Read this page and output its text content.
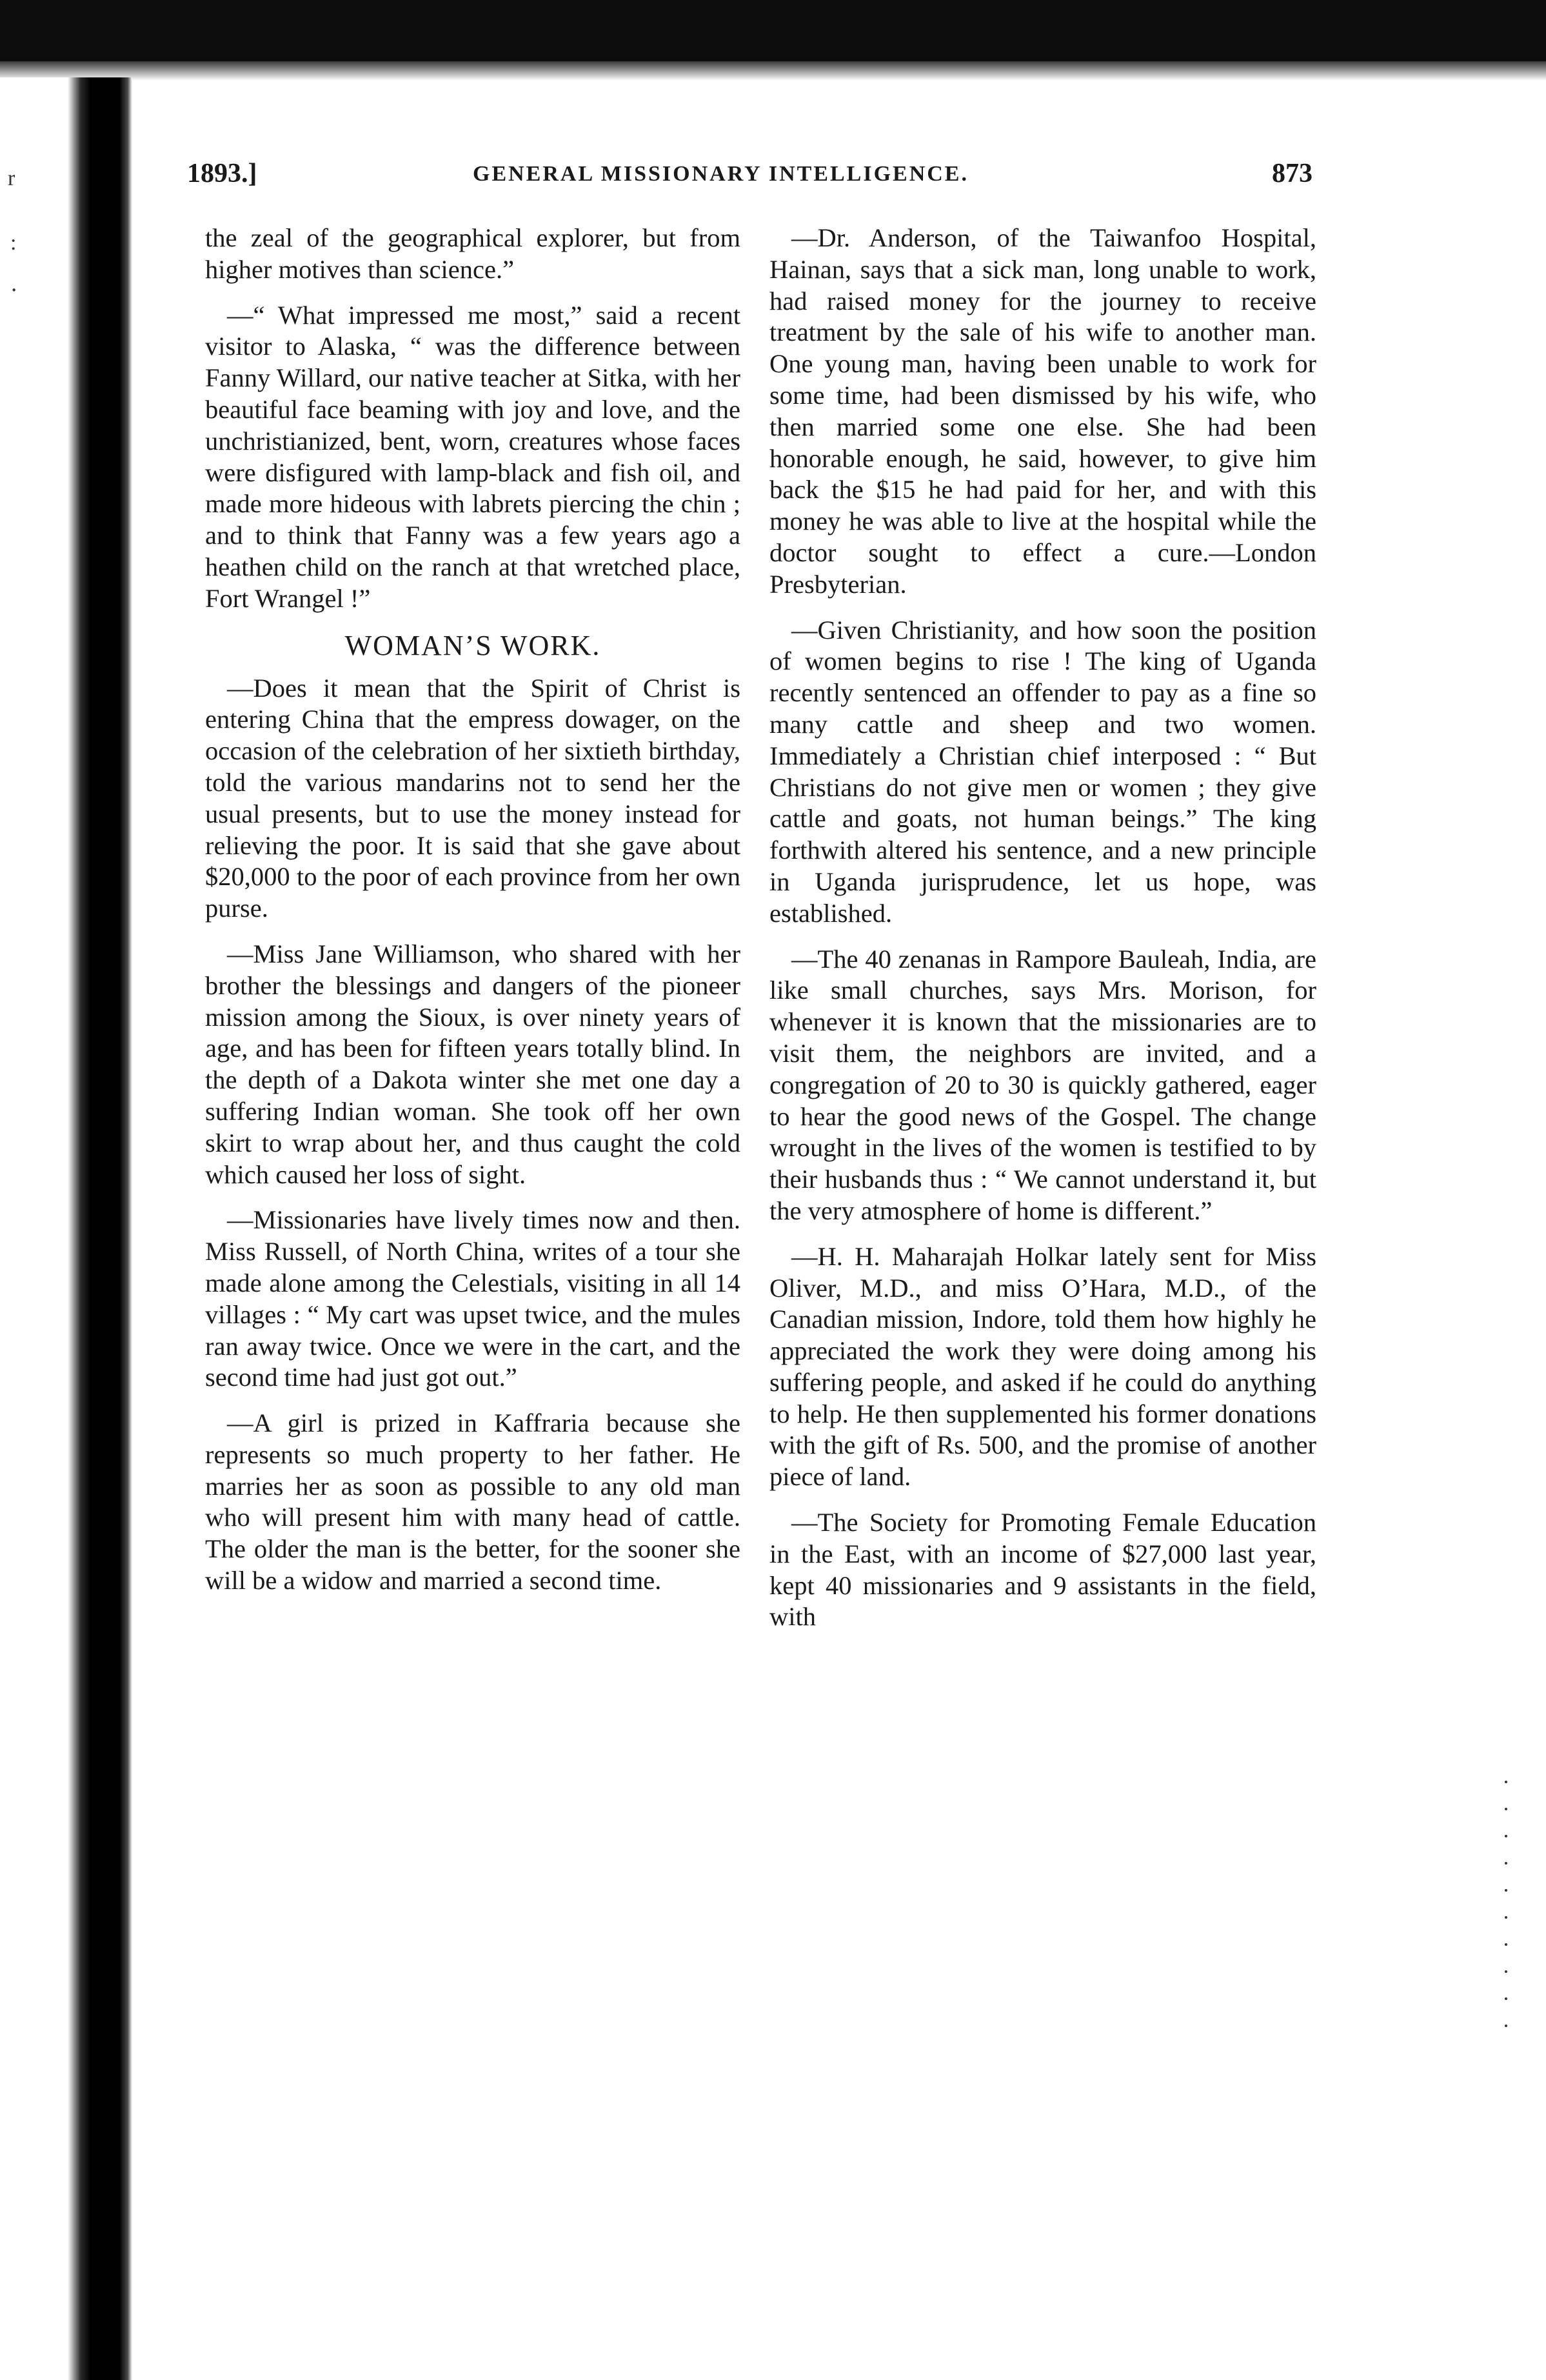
r
:
․
1893.]	GENERAL MISSIONARY INTELLIGENCE.	873

the zeal of the geographical explorer, but from higher motives than science.”

—“ What impressed me most,” said a recent visitor to Alaska, “ was the difference between Fanny Willard, our native teacher at Sitka, with her beautiful face beaming with joy and love, and the unchristianized, bent, worn, creatures whose faces were disfigured with lamp-black and fish oil, and made more hideous with labrets piercing the chin ; and to think that Fanny was a few years ago a heathen child on the ranch at that wretched place, Fort Wrangel !”

WOMAN’S WORK.

—Does it mean that the Spirit of Christ is entering China that the empress dowager, on the occasion of the celebration of her sixtieth birthday, told the various mandarins not to send her the usual presents, but to use the money instead for relieving the poor. It is said that she gave about $20,000 to the poor of each province from her own purse.

—Miss Jane Williamson, who shared with her brother the blessings and dangers of the pioneer mission among the Sioux, is over ninety years of age, and has been for fifteen years totally blind. In the depth of a Dakota winter she met one day a suffering Indian woman. She took off her own skirt to wrap about her, and thus caught the cold which caused her loss of sight.

—Missionaries have lively times now and then. Miss Russell, of North China, writes of a tour she made alone among the Celestials, visiting in all 14 villages : “ My cart was upset twice, and the mules ran away twice. Once we were in the cart, and the second time had just got out.”

—A girl is prized in Kaffraria because she represents so much property to her father. He marries her as soon as possible to any old man who will present him with many head of cattle. The older the man is the better, for the sooner she will be a widow and married a second time.

—Dr. Anderson, of the Taiwanfoo Hospital, Hainan, says that a sick man, long unable to work, had raised money for the journey to receive treatment by the sale of his wife to another man. One young man, having been unable to work for some time, had been dismissed by his wife, who then married some one else. She had been honorable enough, he said, however, to give him back the $15 he had paid for her, and with this money he was able to live at the hospital while the doctor sought to effect a cure.—London Presbyterian.

—Given Christianity, and how soon the position of women begins to rise ! The king of Uganda recently sentenced an offender to pay as a fine so many cattle and sheep and two women. Immediately a Christian chief interposed : “ But Christians do not give men or women ; they give cattle and goats, not human beings.” The king forthwith altered his sentence, and a new principle in Uganda jurisprudence, let us hope, was established.

—The 40 zenanas in Rampore Bauleah, India, are like small churches, says Mrs. Morison, for whenever it is known that the missionaries are to visit them, the neighbors are invited, and a congregation of 20 to 30 is quickly gathered, eager to hear the good news of the Gospel. The change wrought in the lives of the women is testified to by their husbands thus : “ We cannot understand it, but the very atmosphere of home is different.”

—H. H. Maharajah Holkar lately sent for Miss Oliver, M.D., and miss O’Hara, M.D., of the Canadian mission, Indore, told them how highly he appreciated the work they were doing among his suffering people, and asked if he could do anything to help. He then supplemented his former donations with the gift of Rs. 500, and the promise of another piece of land.

—The Society for Promoting Female Education in the East, with an income of $27,000 last year, kept 40 missionaries and 9 assistants in the field, with
